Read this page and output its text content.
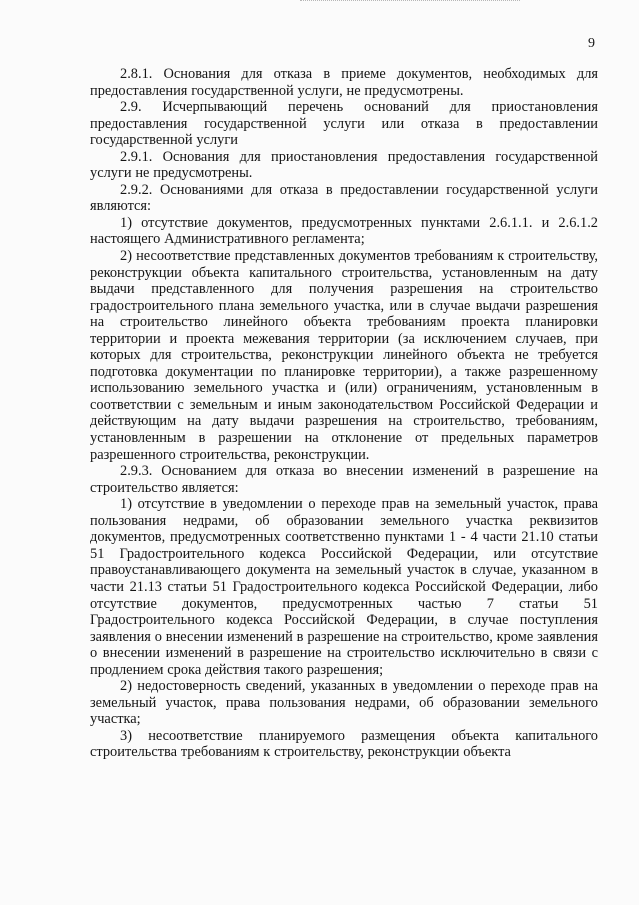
9

2.8.1. Основания для отказа в приеме документов, необходимых для предоставления государственной услуги, не предусмотрены.

2.9. Исчерпывающий перечень оснований для приостановления предоставления государственной услуги или отказа в предоставлении государственной услуги

2.9.1. Основания для приостановления предоставления государственной услуги не предусмотрены.

2.9.2. Основаниями для отказа в предоставлении государственной услуги являются:

1) отсутствие документов, предусмотренных пунктами 2.6.1.1. и 2.6.1.2 настоящего Административного регламента;

2) несоответствие представленных документов требованиям к строительству, реконструкции объекта капитального строительства, установленным на дату выдачи представленного для получения разрешения на строительство градостроительного плана земельного участка, или в случае выдачи разрешения на строительство линейного объекта требованиям проекта планировки территории и проекта межевания территории (за исключением случаев, при которых для строительства, реконструкции линейного объекта не требуется подготовка документации по планировке территории), а также разрешенному использованию земельного участка и (или) ограничениям, установленным в соответствии с земельным и иным законодательством Российской Федерации и действующим на дату выдачи разрешения на строительство, требованиям, установленным в разрешении на отклонение от предельных параметров разрешенного строительства, реконструкции.

2.9.3. Основанием для отказа во внесении изменений в разрешение на строительство является:

1) отсутствие в уведомлении о переходе прав на земельный участок, права пользования недрами, об образовании земельного участка реквизитов документов, предусмотренных соответственно пунктами 1 - 4 части 21.10 статьи 51 Градостроительного кодекса Российской Федерации, или отсутствие правоустанавливающего документа на земельный участок в случае, указанном в части 21.13 статьи 51 Градостроительного кодекса Российской Федерации, либо отсутствие документов, предусмотренных частью 7 статьи 51 Градостроительного кодекса Российской Федерации, в случае поступления заявления о внесении изменений в разрешение на строительство, кроме заявления о внесении изменений в разрешение на строительство исключительно в связи с продлением срока действия такого разрешения;

2) недостоверность сведений, указанных в уведомлении о переходе прав на земельный участок, права пользования недрами, об образовании земельного участка;

3) несоответствие планируемого размещения объекта капитального строительства требованиям к строительству, реконструкции объекта
